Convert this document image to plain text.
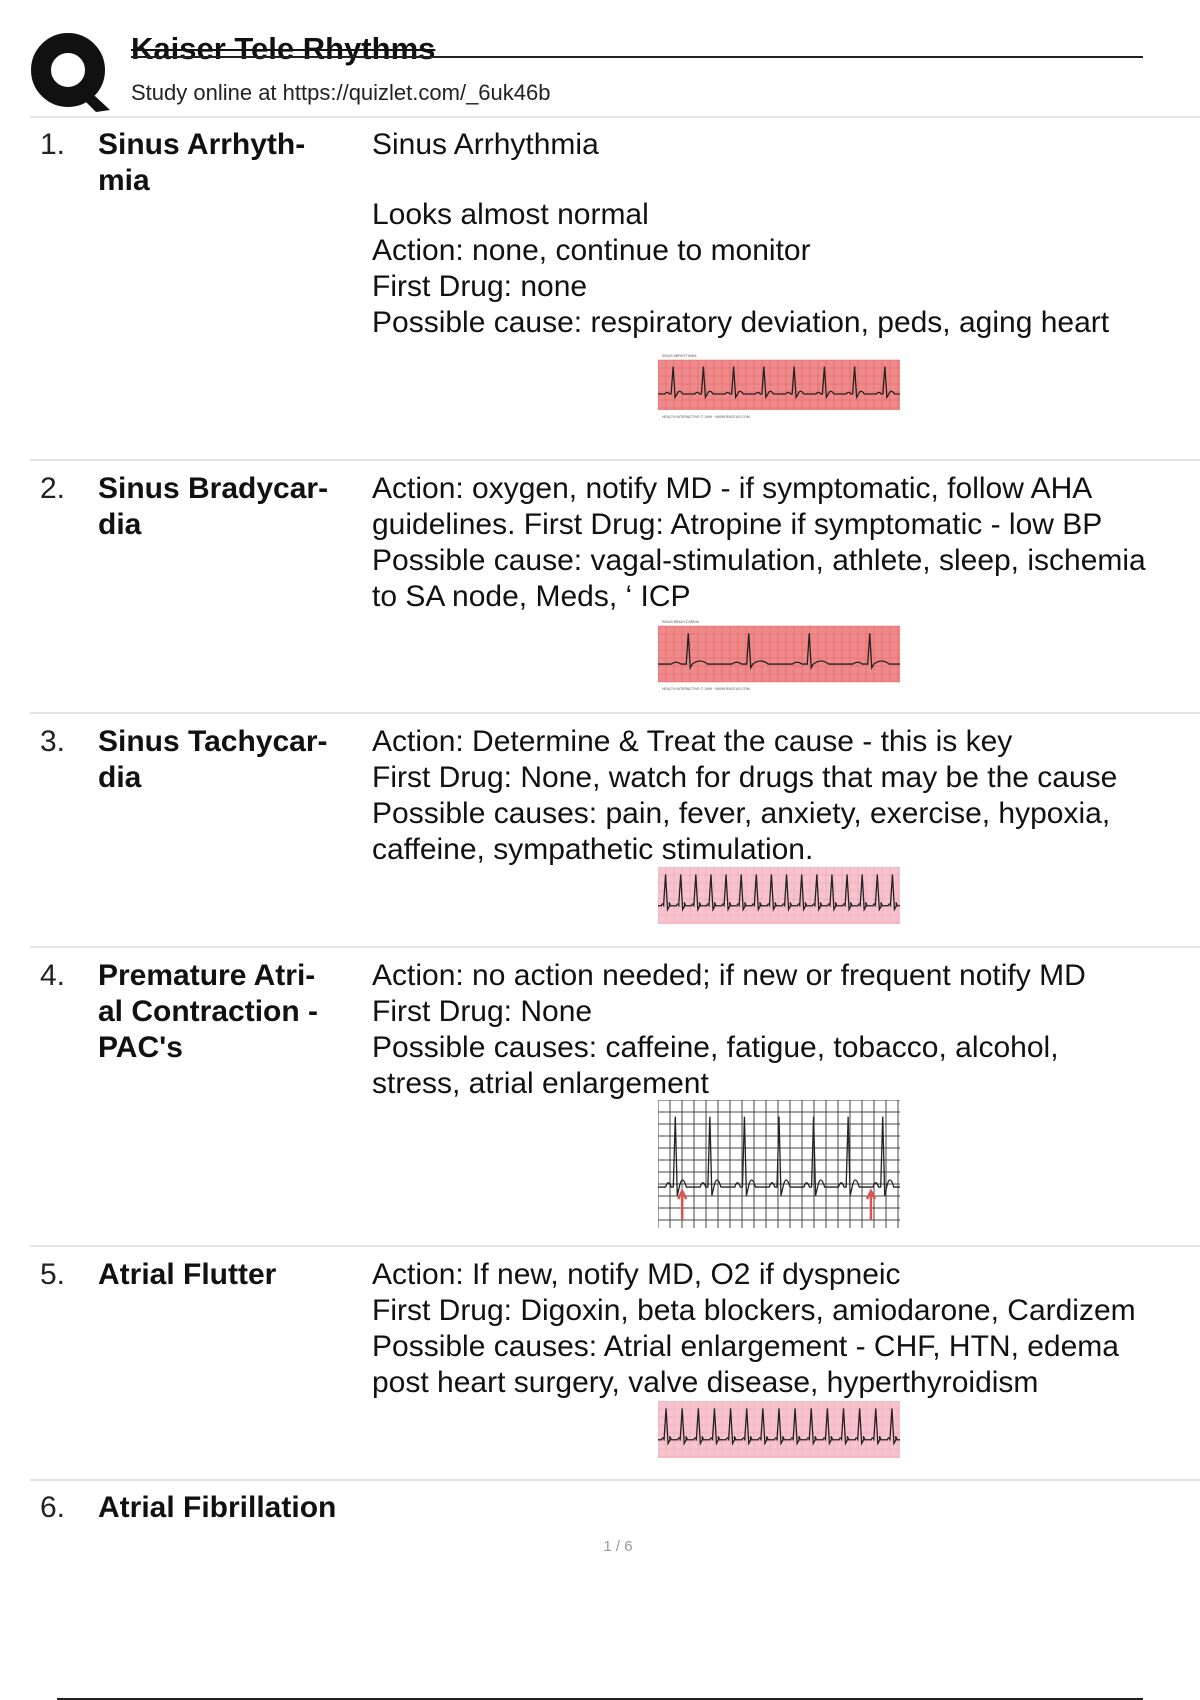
Kaiser Tele Rhythms
Study online at https://quizlet.com/_6uk46b
1. Sinus Arrhyth-
mia
Sinus Arrhythmia
Looks almost normal
Action: none, continue to monitor
First Drug: none
Possible cause: respiratory deviation, peds, aging heart
SINUS ARRHYTHMIA
HEALTH INTERACTIVE © 1999 · WWW.RNCEUS.COM
2. Sinus Bradycar-
dia
Action: oxygen, notify MD - if symptomatic, follow AHA
guidelines. First Drug: Atropine if symptomatic - low BP
Possible cause: vagal-stimulation, athlete, sleep, ischemia
to SA node, Meds, ‘ ICP
SINUS BRADYCARDIA
HEALTH INTERACTIVE © 1999 · WWW.RNCEUS.COM
3. Sinus Tachycar-
dia
Action: Determine & Treat the cause - this is key
First Drug: None, watch for drugs that may be the cause
Possible causes: pain, fever, anxiety, exercise, hypoxia,
caffeine, sympathetic stimulation.
4. Premature Atri-
al Contraction -
PAC's
Action: no action needed; if new or frequent notify MD
First Drug: None
Possible causes: caffeine, fatigue, tobacco, alcohol,
stress, atrial enlargement
5. Atrial Flutter	Action: If new, notify MD, O2 if dyspneic
First Drug: Digoxin, beta blockers, amiodarone, Cardizem
Possible causes: Atrial enlargement - CHF, HTN, edema
post heart surgery, valve disease, hyperthyroidism
6. Atrial Fibrillation
1 / 6
